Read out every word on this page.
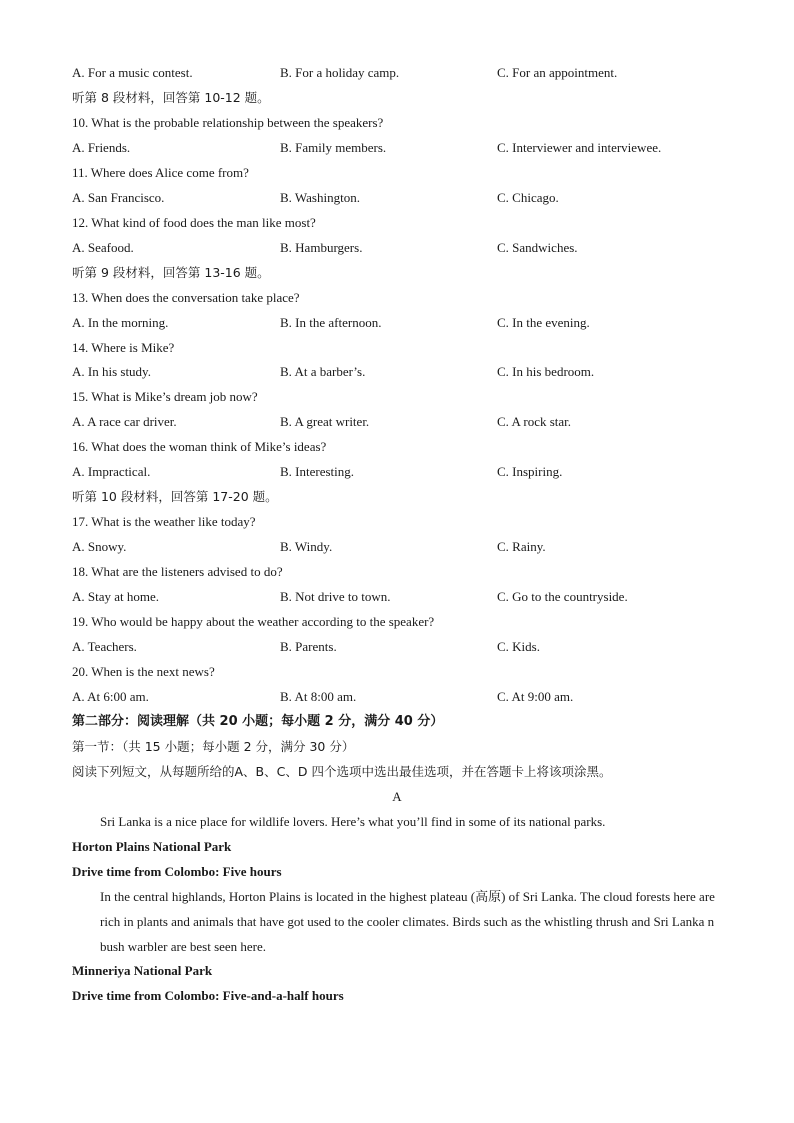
A. For a music contest.	B. For a holiday camp.	C. For an appointment.
听第 8 段材料，回答第 10-12 题。
10. What is the probable relationship between the speakers?
A. Friends.	B. Family members.	C. Interviewer and interviewee.
11. Where does Alice come from?
A. San Francisco.	B. Washington.	C. Chicago.
12. What kind of food does the man like most?
A. Seafood.	B. Hamburgers.	C. Sandwiches.
听第 9 段材料，回答第 13-16 题。
13. When does the conversation take place?
A. In the morning.	B. In the afternoon.	C. In the evening.
14. Where is Mike?
A. In his study.	B. At a barber’s.	C. In his bedroom.
15. What is Mike’s dream job now?
A. A race car driver.	B. A great writer.	C. A rock star.
16. What does the woman think of Mike’s ideas?
A. Impractical.	B. Interesting.	C. Inspiring.
听第 10 段材料，回答第 17-20 题。
17. What is the weather like today?
A. Snowy.	B. Windy.	C. Rainy.
18. What are the listeners advised to do?
A. Stay at home.	B. Not drive to town.	C. Go to the countryside.
19. Who would be happy about the weather according to the speaker?
A. Teachers.	B. Parents.	C. Kids.
20. When is the next news?
A. At 6:00 am.	B. At 8:00 am.	C. At 9:00 am.
第二部分：阅读理解（共 20 小题；每小题 2 分，满分 40 分）
第一节：（共 15 小题；每小题 2 分，满分 30 分）
阅读下列短文，从每题所给的A、B、C、D 四个选项中选出最佳选项，并在答题卡上将该项涂黑。
A
Sri Lanka is a nice place for wildlife lovers. Here’s what you’ll find in some of its national parks.
Horton Plains National Park
Drive time from Colombo: Five hours
In the central highlands, Horton Plains is located in the highest plateau (高原) of Sri Lanka. The cloud forests here are rich in plants and animals that have got used to the cooler climates. Birds such as the whistling thrush and Sri Lanka n bush warbler are best seen here.
Minneriya National Park
Drive time from Colombo: Five-and-a-half hours
